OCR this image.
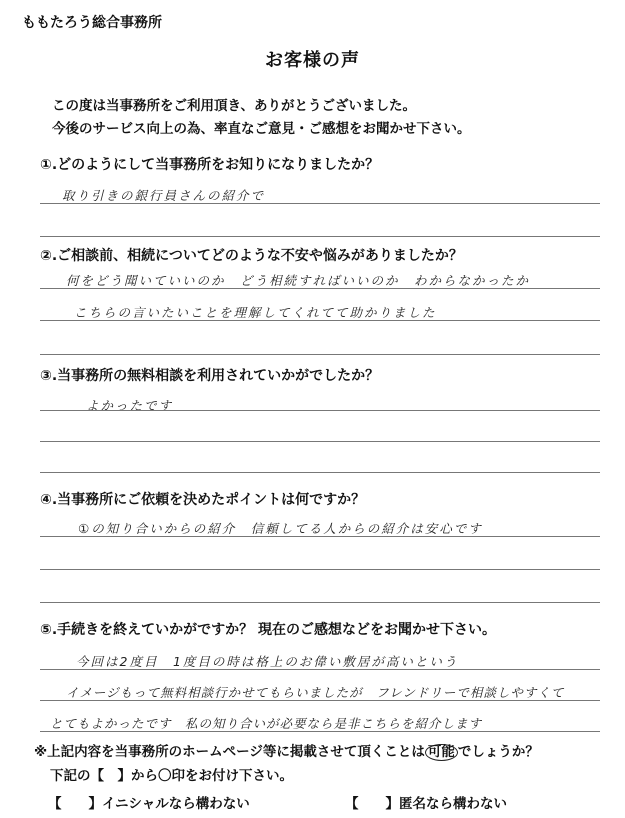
ももたろう総合事務所
お客様の声
この度は当事務所をご利用頂き、ありがとうございました。
今後のサービス向上の為、率直なご意見・ご感想をお聞かせ下さい。
①.どのようにして当事務所をお知りになりましたか？
取り引きの銀行員さんの紹介で
②.ご相談前、相続についてどのような不安や悩みがありましたか？
何をどう聞いていいのか　どう相続すればいいのか　わからなかったか
こちらの言いたいことを理解してくれてて助かりました
③.当事務所の無料相談を利用されていかがでしたか？
よかったです
④.当事務所にご依頼を決めたポイントは何ですか？
①の知り合いからの紹介　信頼してる人からの紹介は安心です
⑤.手続きを終えていかがですか？ 現在のご感想などをお聞かせ下さい。
今回は2度目　1度目の時は格上のお偉い敷居が高いという
イメージもって無料相談行かせてもらいましたが　フレンドリーで相談しやすくて
とてもよかったです　私の知り合いが必要なら是非こちらを紹介します
※上記内容を当事務所のホームページ等に掲載させて頂くことは 可能 でしょうか？
下記の【　】から〇印をお付け下さい。
【　　】イニシャルなら構わない	【　　】匿名なら構わない
